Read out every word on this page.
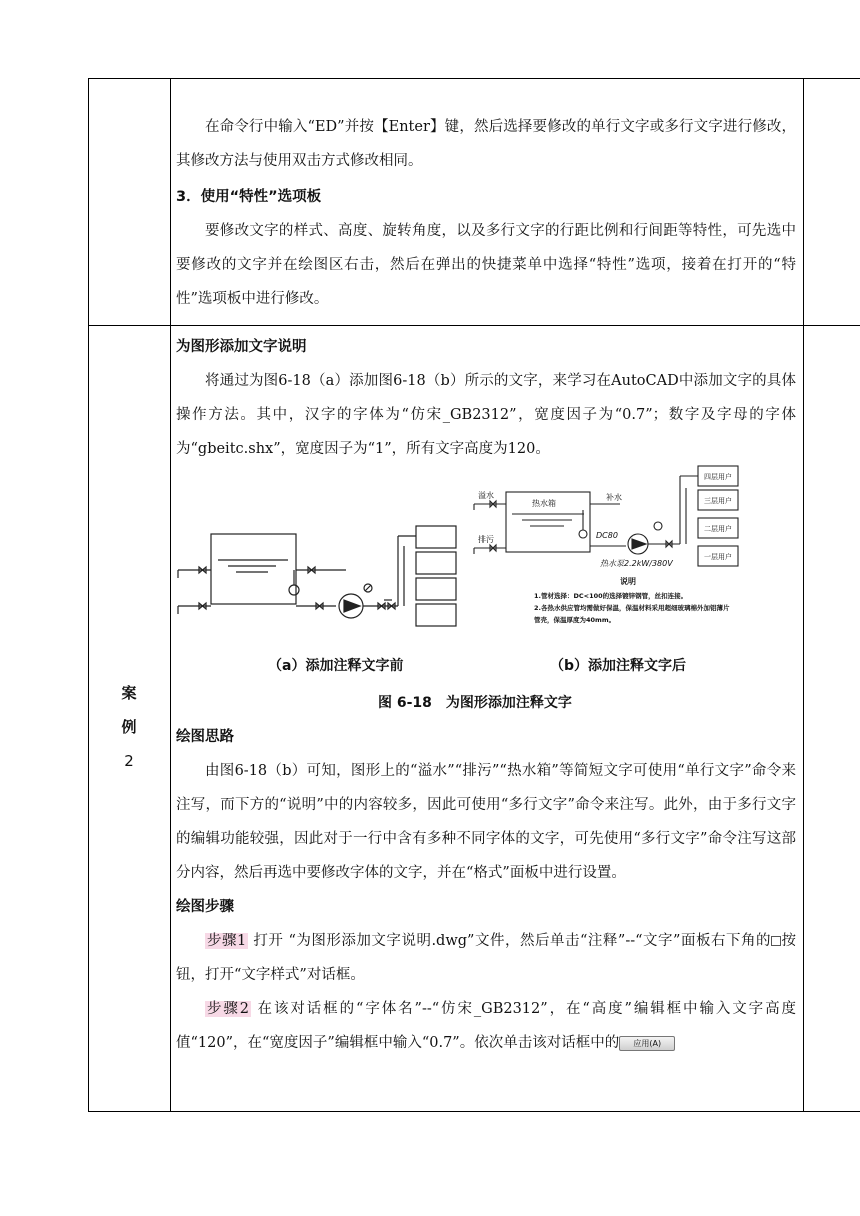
在命令行中输入“ED”并按【Enter】键，然后选择要修改的单行文字或多行文字进行修改，其修改方法与使用双击方式修改相同。

3．使用“特性”选项板

要修改文字的样式、高度、旋转角度，以及多行文字的行距比例和行间距等特性，可先选中要修改的文字并在绘图区右击，然后在弹出的快捷菜单中选择“特性”选项，接着在打开的“特性”选项板中进行修改。

案
例
2

为图形添加文字说明

将通过为图6-18（a）添加图6-18（b）所示的文字，来学习在AutoCAD中添加文字的具体操作方法。其中，汉字的字体为“仿宋_GB2312”，宽度因子为“0.7”；数字及字母的字体为“gbeitc.shx”，宽度因子为“1”，所有文字高度为120。

溢水
排污
热水箱
补水
DC80
热水泵2.2kW/380V
四层用户
三层用户
二层用户
一层用户
说明
1.管材选择：DC<100的选择镀锌钢管，丝扣连接。
2.各热水供应管均需做好保温，保温材料采用超细玻璃棉外加铝薄片
管壳，保温厚度为40mm。
（a）添加注释文字前	（b）添加注释文字后
图 6-18　为图形添加注释文字

绘图思路

由图6-18（b）可知，图形上的“溢水”“排污”“热水箱”等简短文字可使用“单行文字”命令来注写，而下方的“说明”中的内容较多，因此可使用“多行文字”命令来注写。此外，由于多行文字的编辑功能较强，因此对于一行中含有多种不同字体的文字，可先使用“多行文字”命令注写这部分内容，然后再选中要修改字体的文字，并在“格式”面板中进行设置。

绘图步骤

步骤1 打开 “为图形添加文字说明.dwg”文件，然后单击“注释”--“文字”面板右下角的 按钮，打开“文字样式”对话框。

步骤2 在该对话框的“字体名”--“仿宋_GB2312”，在“高度”编辑框中输入文字高度值“120”，在“宽度因子”编辑框中输入“0.7”。依次单击该对话框中的 应用(A)
